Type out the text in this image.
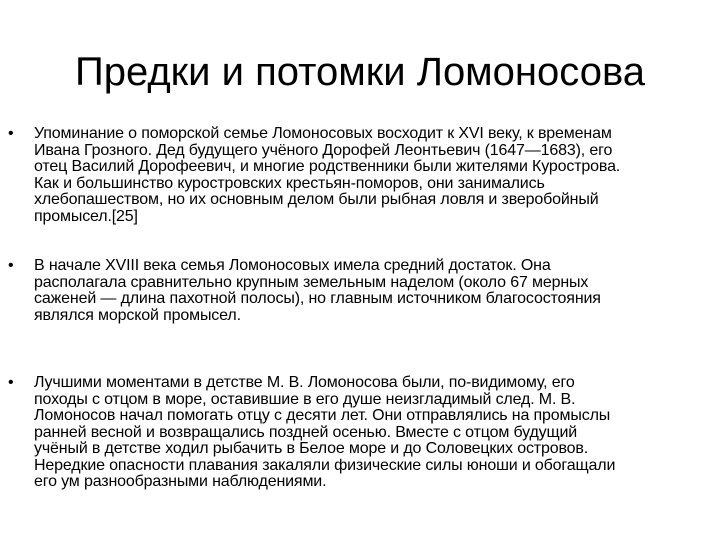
Предки и потомки Ломоносова
• Упоминание о поморской семье Ломоносовых восходит к XVI веку, к временам
Ивана Грозного. Дед будущего учёного Дорофей Леонтьевич (1647—1683), его
отец Василий Дорофеевич, и многие родственники были жителями Курострова.
Как и большинство куростровских крестьян-поморов, они занимались
хлебопашеством, но их основным делом были рыбная ловля и зверобойный
промысел.[25]
• В начале XVIII века семья Ломоносовых имела средний достаток. Она
располагала сравнительно крупным земельным наделом (около 67 мерных
саженей — длина пахотной полосы), но главным источником благосостояния
являлся морской промысел.
• Лучшими моментами в детстве М. В. Ломоносова были, по-видимому, его
походы с отцом в море, оставившие в его душе неизгладимый след. М. В.
Ломоносов начал помогать отцу с десяти лет. Они отправлялись на промыслы
ранней весной и возвращались поздней осенью. Вместе с отцом будущий
учёный в детстве ходил рыбачить в Белое море и до Соловецких островов.
Нередкие опасности плавания закаляли физические силы юноши и обогащали
его ум разнообразными наблюдениями.
